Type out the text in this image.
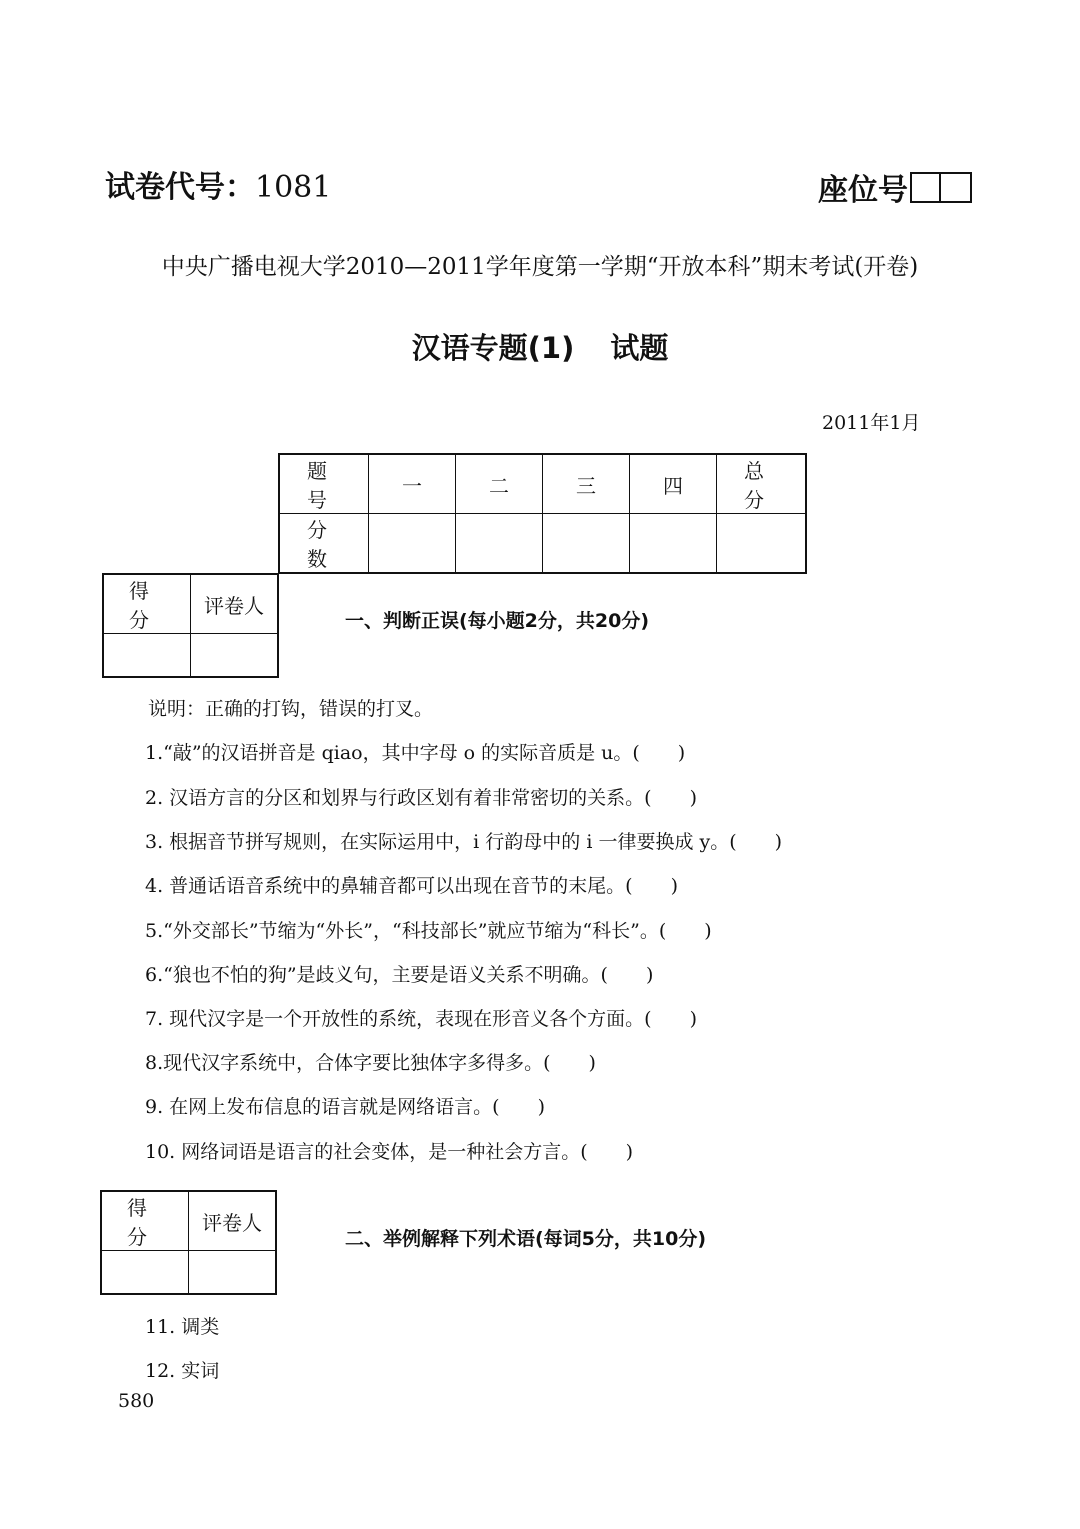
试卷代号：1081	座位号
中央广播电视大学2010—2011学年度第一学期“开放本科”期末考试(开卷)
汉语专题(1) 试题
2011年1月
题 号	一	二	三	四	总 分
分 数					
得 分	评卷人

一、判断正误(每小题2分，共20分)
说明：正确的打钩，错误的打叉。
1.“敲”的汉语拼音是 qiao，其中字母 o 的实际音质是 u。(　　)
2. 汉语方言的分区和划界与行政区划有着非常密切的关系。(　　)
3. 根据音节拼写规则，在实际运用中，i 行韵母中的 i 一律要换成 y。(　　)
4. 普通话语音系统中的鼻辅音都可以出现在音节的末尾。(　　)
5.“外交部长”节缩为“外长”，“科技部长”就应节缩为“科长”。(　　)
6.“狼也不怕的狗”是歧义句，主要是语义关系不明确。(　　)
7. 现代汉字是一个开放性的系统，表现在形音义各个方面。(　　)
8.现代汉字系统中，合体字要比独体字多得多。(　　)
9. 在网上发布信息的语言就是网络语言。(　　)
10. 网络词语是语言的社会变体，是一种社会方言。(　　)
得 分	评卷人

二、举例解释下列术语(每词5分，共10分)
11. 调类
12. 实词
580
